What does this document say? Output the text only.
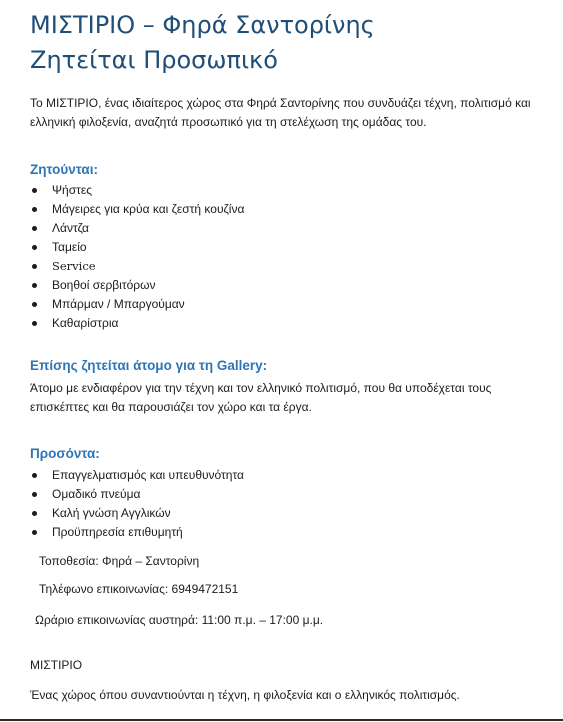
ΜΙΣΤΙΡΙΟ – Φηρά Σαντορίνης
Ζητείται Προσωπικό

Το ΜΙΣΤΙΡΙΟ, ένας ιδιαίτερος χώρος στα Φηρά Σαντορίνης που συνδυάζει τέχνη, πολιτισμό και ελληνική φιλοξενία, αναζητά προσωπικό για τη στελέχωση της ομάδας του.

Ζητούνται:
Ψήστες
Μάγειρες για κρύα και ζεστή κουζίνα
Λάντζα
Ταμείο
Service
Βοηθοί σερβιτόρων
Μπάρμαν / Μπαργούμαν
Καθαρίστρια
Επίσης ζητείται άτομο για τη Gallery:

Άτομο με ενδιαφέρον για την τέχνη και τον ελληνικό πολιτισμό, που θα υποδέχεται τους επισκέπτες και θα παρουσιάζει τον χώρο και τα έργα.

Προσόντα:
Επαγγελματισμός και υπευθυνότητα
Ομαδικό πνεύμα
Καλή γνώση Αγγλικών
Προϋπηρεσία επιθυμητή

Τοποθεσία: Φηρά – Σαντορίνη

Τηλέφωνο επικοινωνίας: 6949472151

Ωράριο επικοινωνίας αυστηρά: 11:00 π.μ. – 17:00 μ.μ.

ΜΙΣΤΙΡΙΟ

Ένας χώρος όπου συναντιούνται η τέχνη, η φιλοξενία και ο ελληνικός πολιτισμός.
